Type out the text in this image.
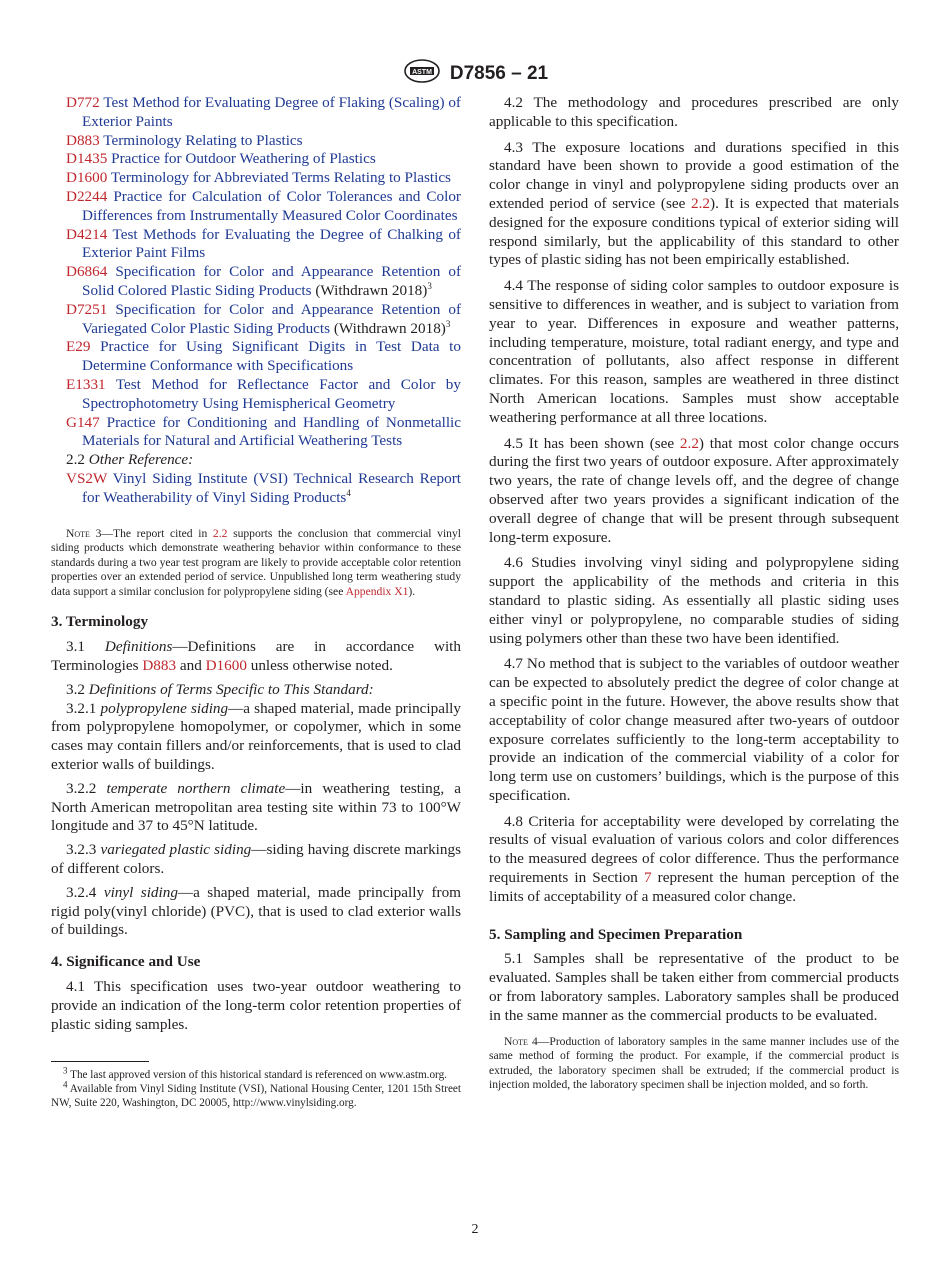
ASTM D7856 – 21
D772 Test Method for Evaluating Degree of Flaking (Scaling) of Exterior Paints
D883 Terminology Relating to Plastics
D1435 Practice for Outdoor Weathering of Plastics
D1600 Terminology for Abbreviated Terms Relating to Plastics
D2244 Practice for Calculation of Color Tolerances and Color Differences from Instrumentally Measured Color Coordinates
D4214 Test Methods for Evaluating the Degree of Chalking of Exterior Paint Films
D6864 Specification for Color and Appearance Retention of Solid Colored Plastic Siding Products (Withdrawn 2018)$^3$
D7251 Specification for Color and Appearance Retention of Variegated Color Plastic Siding Products (Withdrawn 2018)$^3$
E29 Practice for Using Significant Digits in Test Data to Determine Conformance with Specifications
E1331 Test Method for Reflectance Factor and Color by Spectrophotometry Using Hemispherical Geometry
G147 Practice for Conditioning and Handling of Nonmetallic Materials for Natural and Artificial Weathering Tests
2.2 Other Reference:
VS2W Vinyl Siding Institute (VSI) Technical Research Report for Weatherability of Vinyl Siding Products$^4$
Note 3—The report cited in 2.2 supports the conclusion that commercial vinyl siding products which demonstrate weathering behavior within conformance to these standards during a two year test program are likely to provide acceptable color retention properties over an extended period of service. Unpublished long term weathering study data support a similar conclusion for polypropylene siding (see Appendix X1).

3. Terminology

3.1 Definitions—Definitions are in accordance with Terminologies D883 and D1600 unless otherwise noted.

3.2 Definitions of Terms Specific to This Standard:

3.2.1 polypropylene siding—a shaped material, made principally from polypropylene homopolymer, or copolymer, which in some cases may contain fillers and/or reinforcements, that is used to clad exterior walls of buildings.

3.2.2 temperate northern climate—in weathering testing, a North American metropolitan area testing site within 73 to 100°W longitude and 37 to 45°N latitude.

3.2.3 variegated plastic siding—siding having discrete markings of different colors.

3.2.4 vinyl siding—a shaped material, made principally from rigid poly(vinyl chloride) (PVC), that is used to clad exterior walls of buildings.

4. Significance and Use

4.1 This specification uses two-year outdoor weathering to provide an indication of the long-term color retention properties of plastic siding samples.

$^3$ The last approved version of this historical standard is referenced on www.astm.org.
$^4$ Available from Vinyl Siding Institute (VSI), National Housing Center, 1201 15th Street NW, Suite 220, Washington, DC 20005, http://www.vinylsiding.org.

4.2 The methodology and procedures prescribed are only applicable to this specification.

4.3 The exposure locations and durations specified in this standard have been shown to provide a good estimation of the color change in vinyl and polypropylene siding products over an extended period of service (see 2.2). It is expected that materials designed for the exposure conditions typical of exterior siding will respond similarly, but the applicability of this standard to other types of plastic siding has not been empirically established.

4.4 The response of siding color samples to outdoor exposure is sensitive to differences in weather, and is subject to variation from year to year. Differences in exposure and weather patterns, including temperature, moisture, total radiant energy, and type and concentration of pollutants, also affect response in different climates. For this reason, samples are weathered in three distinct North American locations. Samples must show acceptable weathering performance at all three locations.

4.5 It has been shown (see 2.2) that most color change occurs during the first two years of outdoor exposure. After approximately two years, the rate of change levels off, and the degree of change observed after two years provides a significant indication of the overall degree of change that will be present through subsequent long-term exposure.

4.6 Studies involving vinyl siding and polypropylene siding support the applicability of the methods and criteria in this standard to plastic siding. As essentially all plastic siding uses either vinyl or polypropylene, no comparable studies of siding using polymers other than these two have been identified.

4.7 No method that is subject to the variables of outdoor weather can be expected to absolutely predict the degree of color change at a specific point in the future. However, the above results show that acceptability of color change measured after two-years of outdoor exposure correlates sufficiently to the long-term acceptability to provide an indication of the commercial viability of a color for long term use on customers’ buildings, which is the purpose of this specification.

4.8 Criteria for acceptability were developed by correlating the results of visual evaluation of various colors and color differences to the measured degrees of color difference. Thus the performance requirements in Section 7 represent the human perception of the limits of acceptability of a measured color change.

5. Sampling and Specimen Preparation

5.1 Samples shall be representative of the product to be evaluated. Samples shall be taken either from commercial products or from laboratory samples. Laboratory samples shall be produced in the same manner as the commercial products to be evaluated.

Note 4—Production of laboratory samples in the same manner includes use of the same method of forming the product. For example, if the commercial product is extruded, the laboratory specimen shall be extruded; if the commercial product is injection molded, the laboratory specimen shall be injection molded, and so forth.
2
